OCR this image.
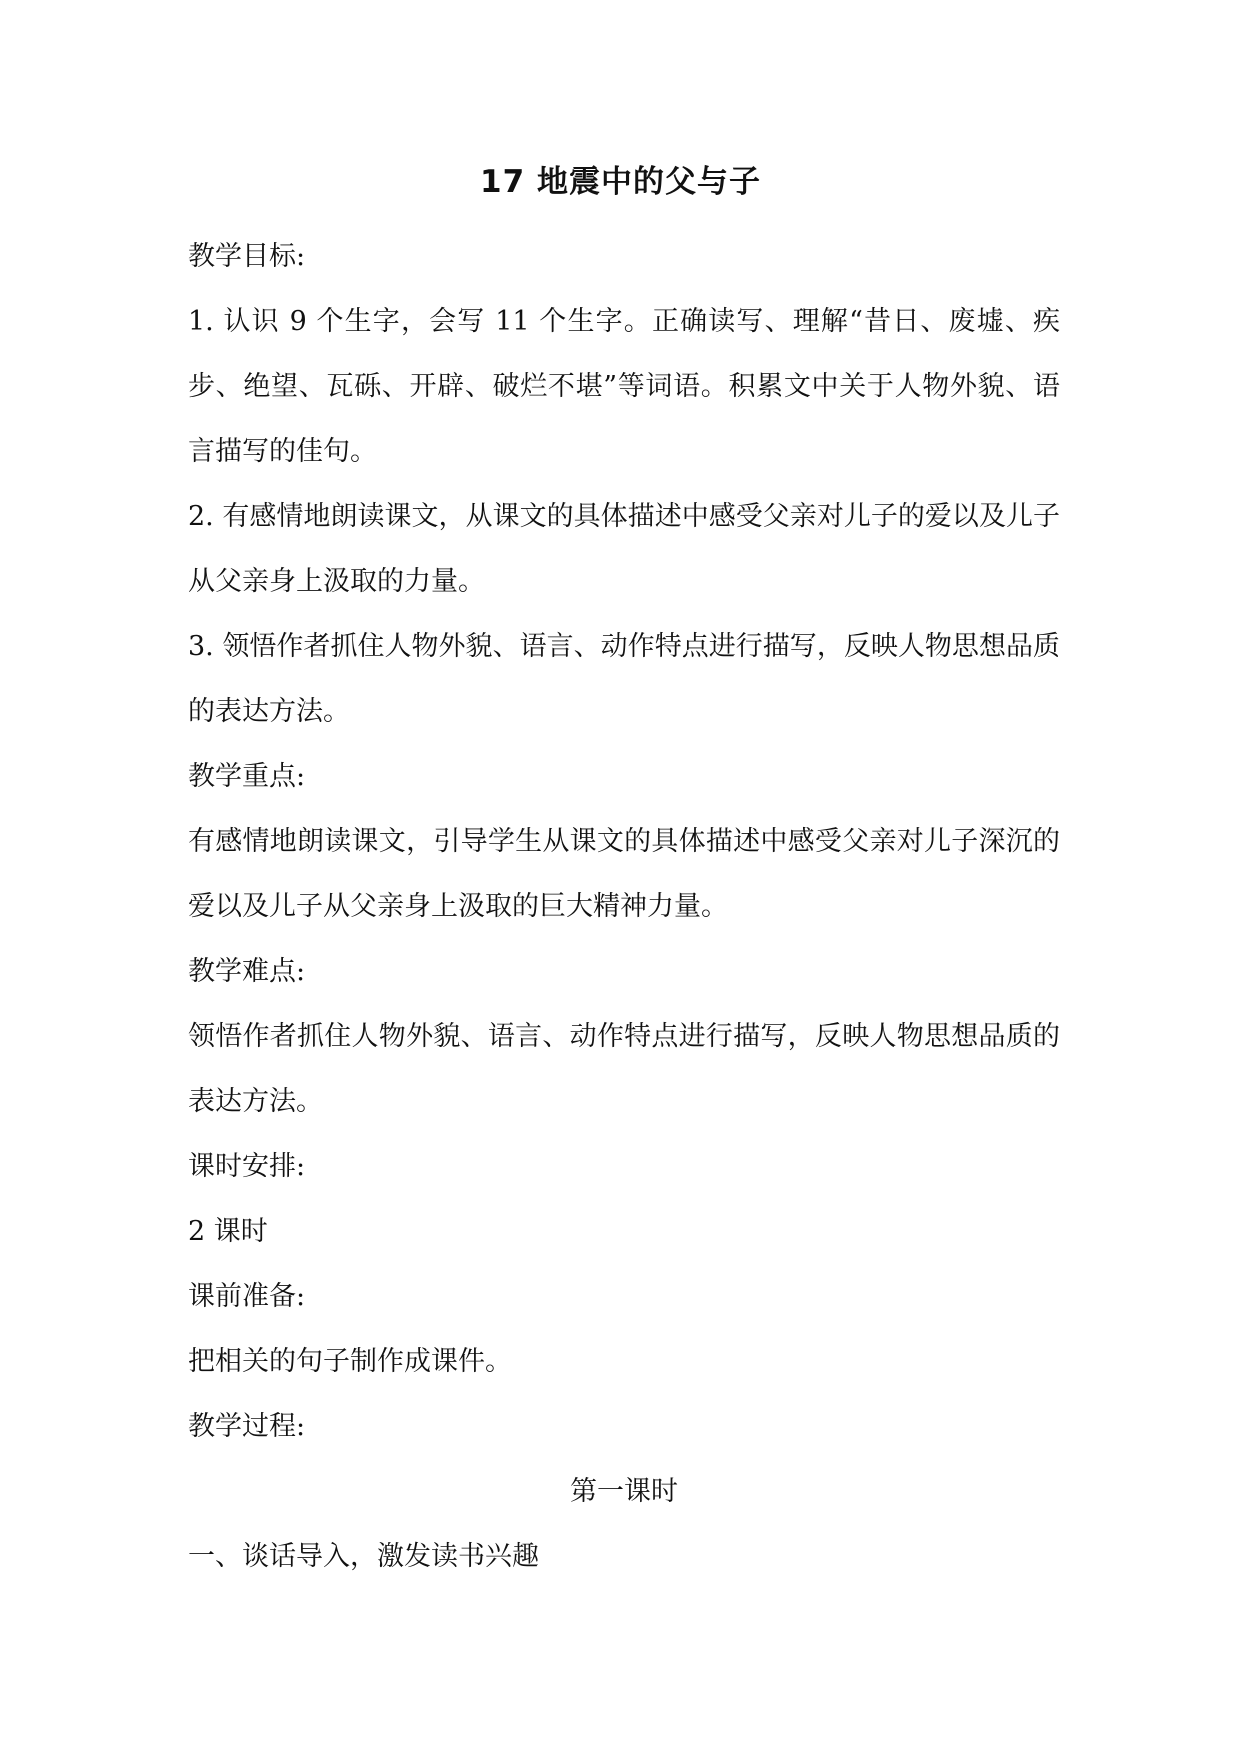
17 地震中的父与子

教学目标:

1. 认识 9 个生字，会写 11 个生字。正确读写、理解“昔日、废墟、疾步、绝望、瓦砾、开辟、破烂不堪”等词语。积累文中关于人物外貌、语言描写的佳句。

2. 有感情地朗读课文，从课文的具体描述中感受父亲对儿子的爱以及儿子从父亲身上汲取的力量。

3. 领悟作者抓住人物外貌、语言、动作特点进行描写，反映人物思想品质的表达方法。

教学重点:

有感情地朗读课文，引导学生从课文的具体描述中感受父亲对儿子深沉的爱以及儿子从父亲身上汲取的巨大精神力量。

教学难点:

领悟作者抓住人物外貌、语言、动作特点进行描写，反映人物思想品质的表达方法。

课时安排:

2 课时

课前准备:

把相关的句子制作成课件。

教学过程:

第一课时

一、谈话导入，激发读书兴趣
